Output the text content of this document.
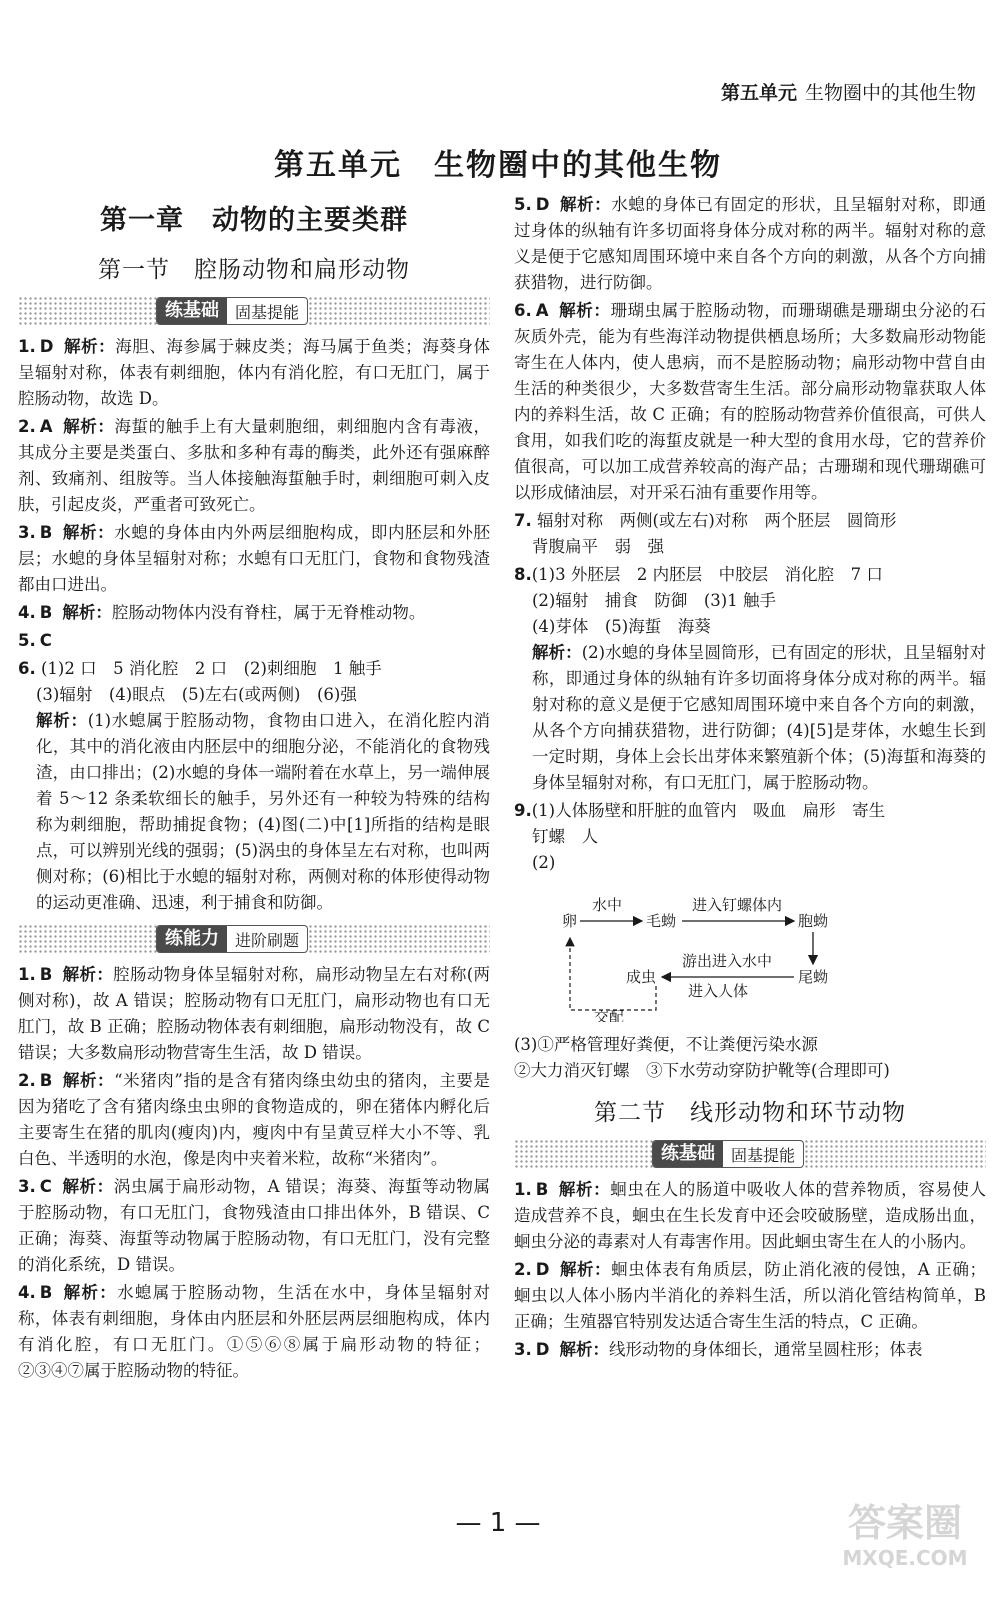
第五单元 生物圈中的其他生物
第五单元　生物圈中的其他生物
第一章　动物的主要类群
第一节　腔肠动物和扁形动物
练基础	固基提能

1. D 解析：海胆、海参属于棘皮类；海马属于鱼类；海葵身体呈辐射对称，体表有刺细胞，体内有消化腔，有口无肛门，属于腔肠动物，故选 D。

2. A 解析：海蜇的触手上有大量刺胞细，刺细胞内含有毒液，其成分主要是类蛋白、多肽和多种有毒的酶类，此外还有强麻醉剂、致痛剂、组胺等。当人体接触海蜇触手时，刺细胞可刺入皮肤，引起皮炎，严重者可致死亡。

3. B 解析：水螅的身体由内外两层细胞构成，即内胚层和外胚层；水螅的身体呈辐射对称；水螅有口无肛门，食物和食物残渣都由口进出。

4. B 解析：腔肠动物体内没有脊柱，属于无脊椎动物。

5. C

6. (1)2 口　5 消化腔　2 口　(2)刺细胞　1 触手
(3)辐射　(4)眼点　(5)左右(或两侧)　(6)强
解析：(1)水螅属于腔肠动物，食物由口进入，在消化腔内消化，其中的消化液由内胚层中的细胞分泌，不能消化的食物残渣，由口排出；(2)水螅的身体一端附着在水草上，另一端伸展着 5～12 条柔软细长的触手，另外还有一种较为特殊的结构称为刺细胞，帮助捕捉食物；(4)图(二)中[1]所指的结构是眼点，可以辨别光线的强弱；(5)涡虫的身体呈左右对称，也叫两侧对称；(6)相比于水螅的辐射对称，两侧对称的体形使得动物的运动更准确、迅速，利于捕食和防御。

练能力	进阶刷题

1. B 解析：腔肠动物身体呈辐射对称，扁形动物呈左右对称(两侧对称)，故 A 错误；腔肠动物有口无肛门，扁形动物也有口无肛门，故 B 正确；腔肠动物体表有刺细胞，扁形动物没有，故 C 错误；大多数扁形动物营寄生生活，故 D 错误。

2. B 解析：“米猪肉”指的是含有猪肉绦虫幼虫的猪肉，主要是因为猪吃了含有猪肉绦虫虫卵的食物造成的，卵在猪体内孵化后主要寄生在猪的肌肉(瘦肉)内，瘦肉中有呈黄豆样大小不等、乳白色、半透明的水泡，像是肉中夹着米粒，故称“米猪肉”。

3. C 解析：涡虫属于扁形动物，A 错误；海葵、海蜇等动物属于腔肠动物，有口无肛门，食物残渣由口排出体外，B 错误、C 正确；海葵、海蜇等动物属于腔肠动物，有口无肛门，没有完整的消化系统，D 错误。

4. B 解析：水螅属于腔肠动物，生活在水中，身体呈辐射对称，体表有刺细胞，身体由内胚层和外胚层两层细胞构成，体内有消化腔，有口无肛门。①⑤⑥⑧属于扁形动物的特征；②③④⑦属于腔肠动物的特征。

5. D 解析：水螅的身体已有固定的形状，且呈辐射对称，即通过身体的纵轴有许多切面将身体分成对称的两半。辐射对称的意义是便于它感知周围环境中来自各个方向的刺激，从各个方向捕获猎物，进行防御。

6. A 解析：珊瑚虫属于腔肠动物，而珊瑚礁是珊瑚虫分泌的石灰质外壳，能为有些海洋动物提供栖息场所；大多数扁形动物能寄生在人体内，使人患病，而不是腔肠动物；扁形动物中营自由生活的种类很少，大多数营寄生生活。部分扁形动物靠获取人体内的养料生活，故 C 正确；有的腔肠动物营养价值很高，可供人食用，如我们吃的海蜇皮就是一种大型的食用水母，它的营养价值很高，可以加工成营养较高的海产品；古珊瑚和现代珊瑚礁可以形成储油层，对开采石油有重要作用等。

7. 辐射对称　两侧(或左右)对称　两个胚层　圆筒形
背腹扁平　弱　强

8.(1)3 外胚层　2 内胚层　中胶层　消化腔　7 口
(2)辐射　捕食　防御　(3)1 触手
(4)芽体　(5)海蜇　海葵
解析：(2)水螅的身体呈圆筒形，已有固定的形状，且呈辐射对称，即通过身体的纵轴有许多切面将身体分成对称的两半。辐射对称的意义是便于它感知周围环境中来自各个方向的刺激，从各个方向捕获猎物，进行防御；(4)[5]是芽体，水螅生长到一定时期，身体上会长出芽体来繁殖新个体；(5)海蜇和海葵的身体呈辐射对称，有口无肛门，属于腔肠动物。

9.(1)人体肠壁和肝脏的血管内　吸血　扁形　寄生
钉螺　人
(2)

卵
水中
毛蚴
进入钉螺体内
胞蚴
尾蚴
游出进入水中
进入人体
成虫
交配

(3)①严格管理好粪便，不让粪便污染水源
②大力消灭钉螺　③下水劳动穿防护靴等(合理即可)

第二节　线形动物和环节动物
练基础	固基提能

1. B 解析：蛔虫在人的肠道中吸收人体的营养物质，容易使人造成营养不良，蛔虫在生长发育中还会咬破肠壁，造成肠出血，蛔虫分泌的毒素对人有毒害作用。因此蛔虫寄生在人的小肠内。

2. D 解析：蛔虫体表有角质层，防止消化液的侵蚀，A 正确；蛔虫以人体小肠内半消化的养料生活，所以消化管结构简单，B 正确；生殖器官特别发达适合寄生生活的特点，C 正确。

3. D 解析：线形动物的身体细长，通常呈圆柱形；体表

— 1 —	答案圈
MXQE.COM
